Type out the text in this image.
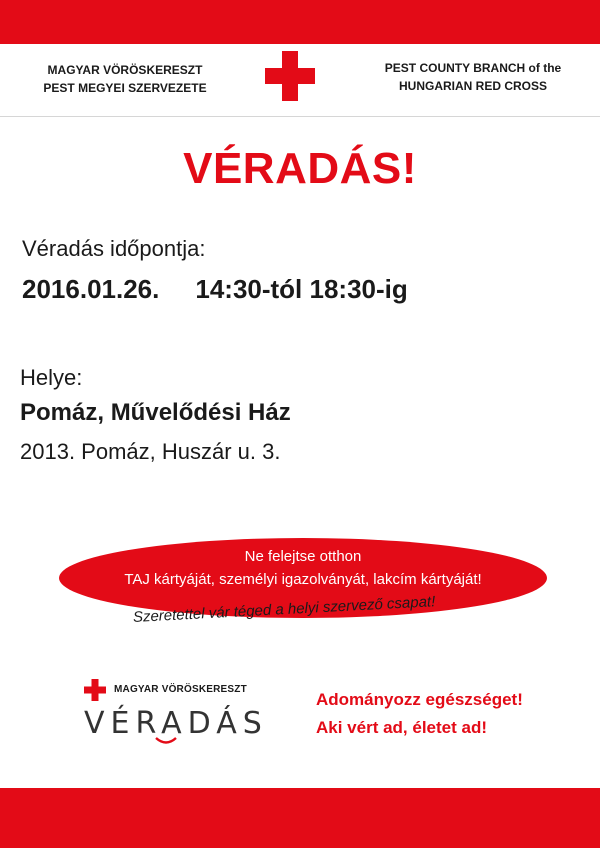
MAGYAR VÖRÖSKERESZT
PEST MEGYEI SZERVEZETE
PEST COUNTY BRANCH of the
HUNGARIAN RED CROSS
VÉRADÁS!
Véradás időpontja:
2016.01.26. 14:30-tól 18:30-ig
Helye:
Pomáz, Művelődési Ház
2013. Pomáz, Huszár u. 3.
Ne felejtse otthon
TAJ kártyáját, személyi igazolványát, lakcím kártyáját!
Szeretettel vár téged a helyi szervező csapat!
MAGYAR VÖRÖSKERESZT
VÉRADÁS
Adományozz egészséget!
Aki vért ad, életet ad!
